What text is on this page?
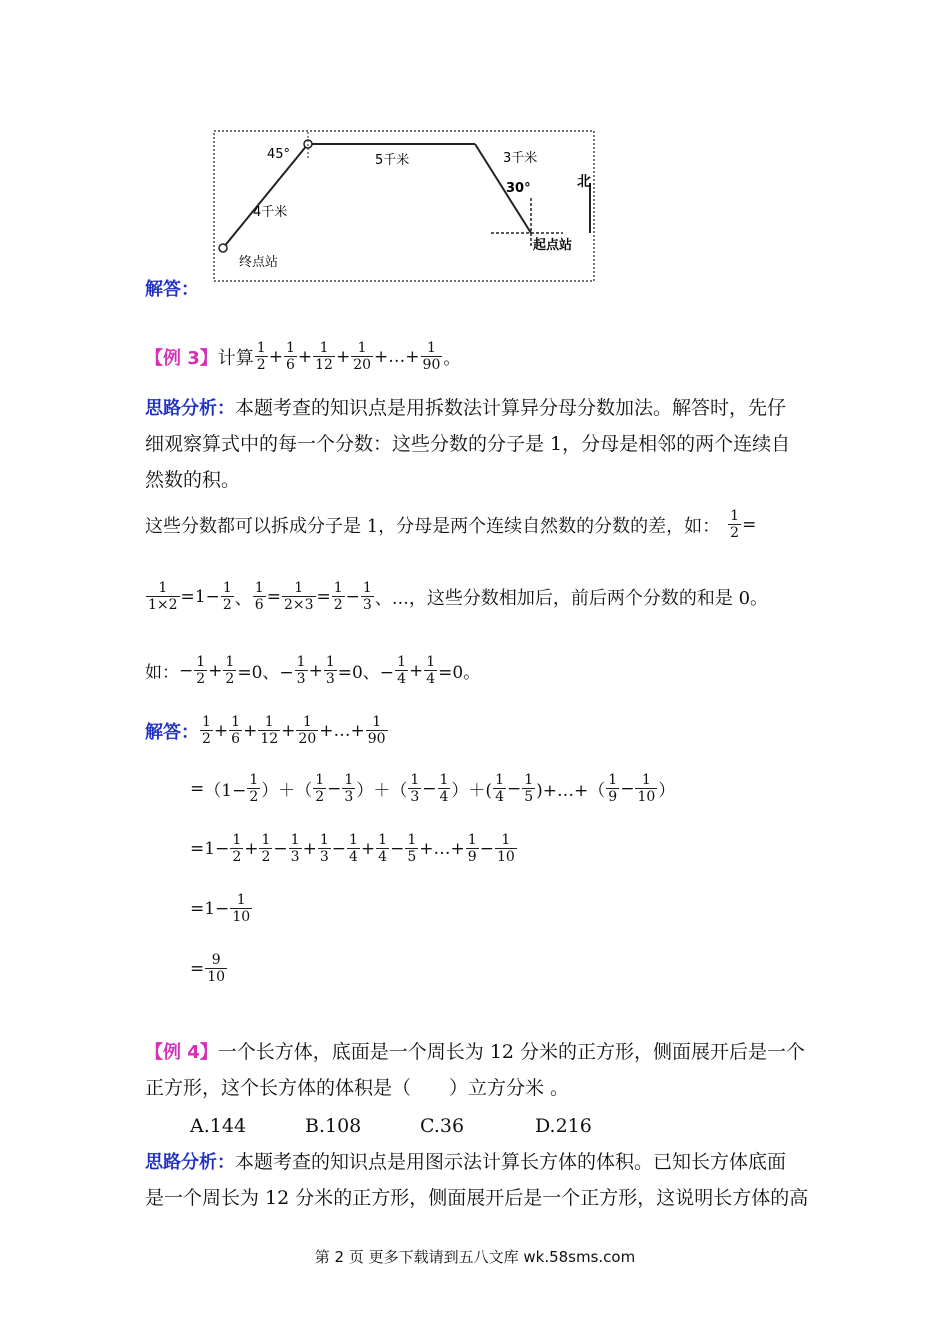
45°
4千米
5千米	3千米
30°	北
起点站
终点站
解答：
【例 3】 计算 $\frac{1}{2} + \frac{1}{6} + \frac{1}{12} + \frac{1}{20}$ +…+ $\frac{1}{90}$ 。
思路分析：本题考查的知识点是用拆数法计算异分母分数加法。解答时，先仔
细观察算式中的每一个分数：这些分数的分子是 1，分母是相邻的两个连续自
然数的积。
这些分数都可以拆成分子是 1，分母是两个连续自然数的分数的差，如： $\frac{1}{2}$ =
$\frac{1}{1\times 2} =1- \frac{1}{2}$ 、 $\frac{1}{6} = \frac{1}{2\times 3} = \frac{1}{2} - \frac{1}{3}$ 、… ，这些分数相加后，前后两个分数的和是 0。
如： − $\frac{1}{2} + \frac{1}{2} =0$、− $\frac{1}{3} + \frac{1}{3} =0$、− $\frac{1}{4} + \frac{1}{4} =0$。
解答： $\frac{1}{2} + \frac{1}{6} + \frac{1}{12} + \frac{1}{20}$ +…+ $\frac{1}{90}$
= （$1- \frac{1}{2}$ ）＋（ $\frac{1}{2} - \frac{1}{3}$ ）＋（ $\frac{1}{3} - \frac{1}{4}$ ）＋( $\frac{1}{4} - \frac{1}{5}$ )+…+（ $\frac{1}{9} - \frac{1}{10}$ ）
$=1- \frac{1}{2} + \frac{1}{2} - \frac{1}{3} + \frac{1}{3} - \frac{1}{4} + \frac{1}{4} - \frac{1}{5}$ +…+ $\frac{1}{9} - \frac{1}{10}$
$=1- \frac{1}{10}$
= $\frac{9}{10}$
【例 4】一个长方体，底面是一个周长为 12 分米的正方形，侧面展开后是一个
正方形，这个长方体的体积是（　　）立方分米 。
A.144	B.108	C.36	D.216
思路分析：本题考查的知识点是用图示法计算长方体的体积。已知长方体底面
是一个周长为 12 分米的正方形，侧面展开后是一个正方形，这说明长方体的高
第 2 页 更多下载请到五八文库 wk.58sms.com
